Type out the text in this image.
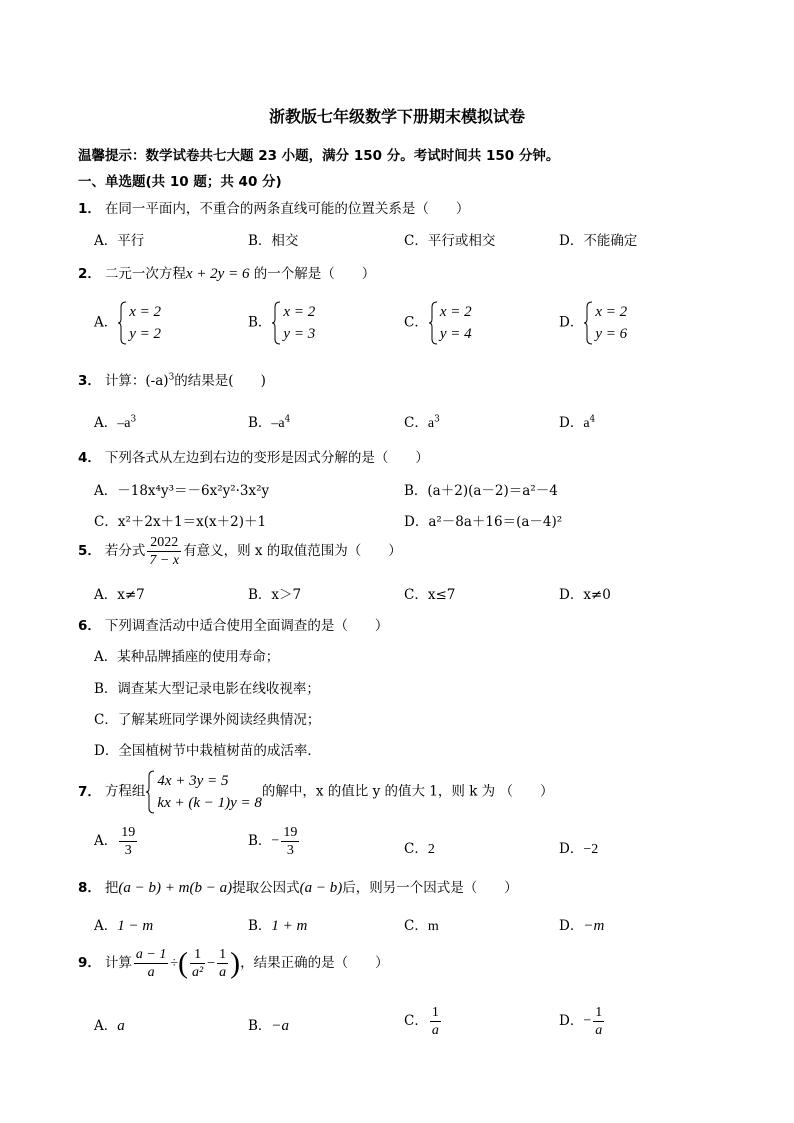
浙教版七年级数学下册期末模拟试卷
温馨提示：数学试卷共七大题 23 小题，满分 150 分。考试时间共 150 分钟。
一、单选题(共 10 题；共 40 分)
1． 在同一平面内，不重合的两条直线可能的位置关系是（　　）
A．平行	B．相交	C．平行或相交	D．不能确定
2． 二元一次方程x + 2y = 6 的一个解是（　　）
A．
x = 2
y = 2
B．
x = 2
y = 3
C．
x = 2
y = 4
D．
x = 2
y = 6
3． 计算：$(-a)^3$的结果是(　　)
A．$-a^3$	B．$-a^4$	C．$a^3$	D．$a^4$
4． 下列各式从左边到右边的变形是因式分解的是（　　）
A．－18x⁴y³＝－6x²y²·3x²y	B．(a＋2)(a－2)＝a²－4
C．x²＋2x＋1＝x(x＋2)＋1	D．a²－8a＋16＝(a－4)²
5． 若分式 $\frac{2022}{7 - x}$ 有意义，则 x 的取值范围为（　　）
A．x≠7	B．x＞7	C．x≤7	D．x≠0
6． 下列调查活动中适合使用全面调查的是（　　）
A．某种品牌插座的使用寿命；
B．调查某大型记录电影在线收视率；
C．了解某班同学课外阅读经典情况；
D．全国植树节中栽植树苗的成活率．
7． 方程组
4x + 3y = 5
kx + (k − 1)y = 8
的解中，x 的值比 y 的值大 1，则 k 为 （　　）
A． $\frac{19}{3}$	B．− $\frac{19}{3}$	C．2	D．−2
8． 把(a − b) + m(b − a)提取公因式(a − b)后，则另一个因式是（　　）
A．1 − m	B．1 + m	C．m	D．−m
9． 计算 $\frac{a - 1}{a}$ ÷( $\frac{1}{\text{a²}} - \frac{1}{a}$ )，结果正确的是（　　）
A．a	B．−a	C． $\frac{1}{a}$	D．− $\frac{1}{a}$
